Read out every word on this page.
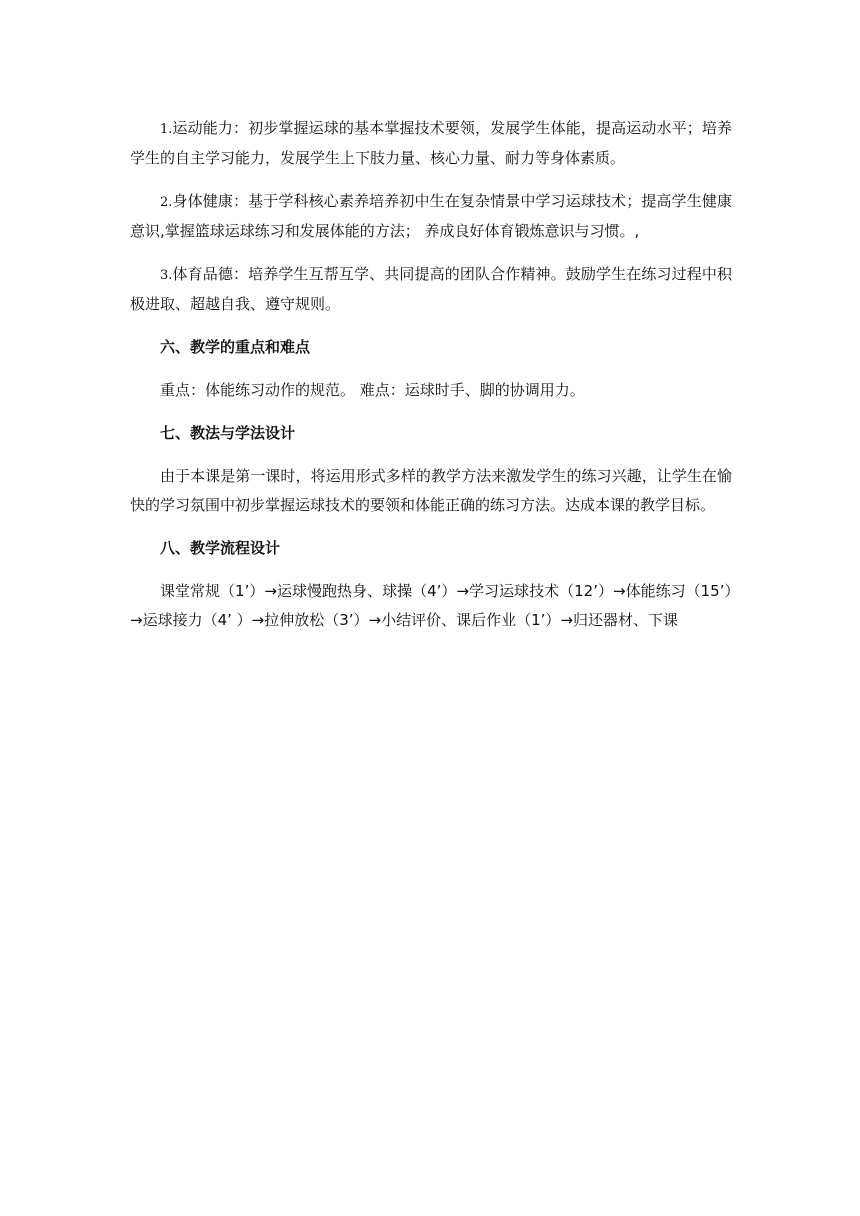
1.运动能力：初步掌握运球的基本掌握技术要领，发展学生体能，提高运动水平；培养学生的自主学习能力，发展学生上下肢力量、核心力量、耐力等身体素质。

2.身体健康：基于学科核心素养培养初中生在复杂情景中学习运球技术；提高学生健康意识,掌握篮球运球练习和发展体能的方法； 养成良好体育锻炼意识与习惯。,

3.体育品德：培养学生互帮互学、共同提高的团队合作精神。鼓励学生在练习过程中积极进取、超越自我、遵守规则。

六、教学的重点和难点

重点：体能练习动作的规范。 难点：运球时手、脚的协调用力。

七、教法与学法设计

由于本课是第一课时，将运用形式多样的教学方法来激发学生的练习兴趣，让学生在愉快的学习氛围中初步掌握运球技术的要领和体能正确的练习方法。达成本课的教学目标。

八、教学流程设计

课堂常规（1’）→运球慢跑热身、球操（4’）→学习运球技术（12’）→体能练习（15’）→运球接力（4’ ）→拉伸放松（3’）→小结评价、课后作业（1’）→归还器材、下课
